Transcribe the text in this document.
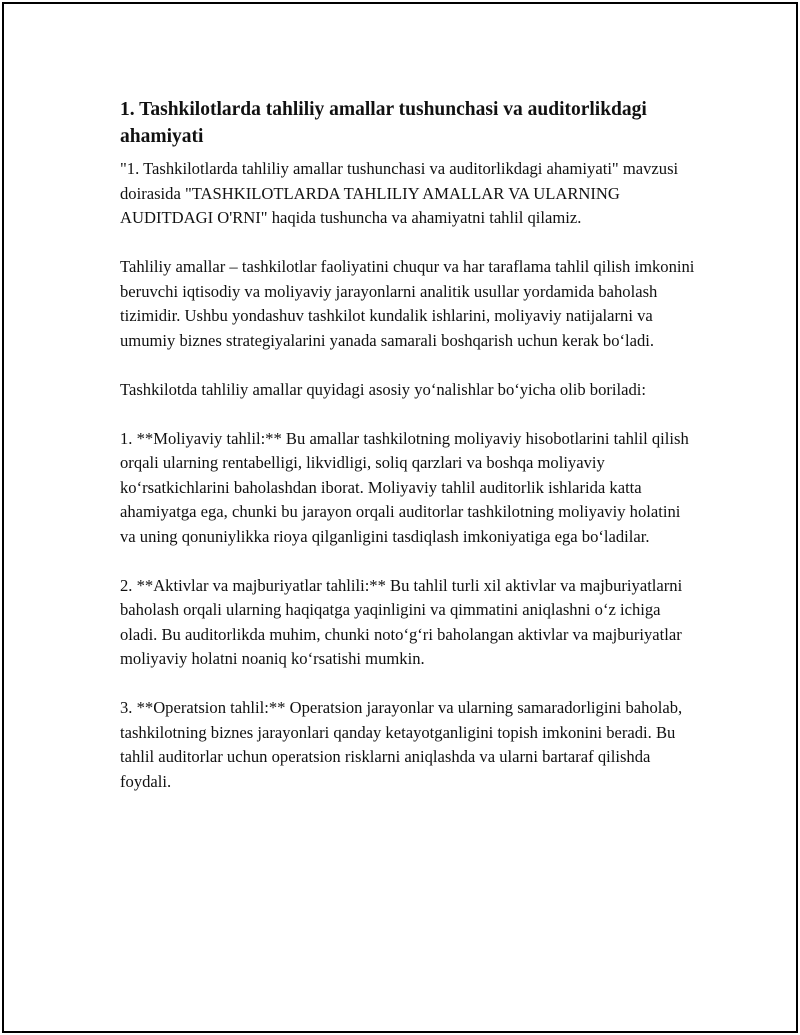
1. Tashkilotlarda tahliliy amallar tushunchasi va auditorlikdagi ahamiyati

"1. Tashkilotlarda tahliliy amallar tushunchasi va auditorlikdagi ahamiyati" mavzusi doirasida "TASHKILOTLARDA TAHLILIY AMALLAR VA ULARNING AUDITDAGI O'RNI" haqida tushuncha va ahamiyatni tahlil qilamiz.

Tahliliy amallar – tashkilotlar faoliyatini chuqur va har taraflama tahlil qilish imkonini beruvchi iqtisodiy va moliyaviy jarayonlarni analitik usullar yordamida baholash tizimidir. Ushbu yondashuv tashkilot kundalik ishlarini, moliyaviy natijalarni va umumiy biznes strategiyalarini yanada samarali boshqarish uchun kerak boʻladi.

Tashkilotda tahliliy amallar quyidagi asosiy yoʻnalishlar boʻyicha olib boriladi:

1. **Moliyaviy tahlil:** Bu amallar tashkilotning moliyaviy hisobotlarini tahlil qilish orqali ularning rentabelligi, likvidligi, soliq qarzlari va boshqa moliyaviy koʻrsatkichlarini baholashdan iborat. Moliyaviy tahlil auditorlik ishlarida katta ahamiyatga ega, chunki bu jarayon orqali auditorlar tashkilotning moliyaviy holatini va uning qonuniylikka rioya qilganligini tasdiqlash imkoniyatiga ega boʻladilar.

2. **Aktivlar va majburiyatlar tahlili:** Bu tahlil turli xil aktivlar va majburiyatlarni baholash orqali ularning haqiqatga yaqinligini va qimmatini aniqlashni oʻz ichiga oladi. Bu auditorlikda muhim, chunki notoʻgʻri baholangan aktivlar va majburiyatlar moliyaviy holatni noaniq koʻrsatishi mumkin.

3. **Operatsion tahlil:** Operatsion jarayonlar va ularning samaradorligini baholab, tashkilotning biznes jarayonlari qanday ketayotganligini topish imkonini beradi. Bu tahlil auditorlar uchun operatsion risklarni aniqlashda va ularni bartaraf qilishda foydali.
